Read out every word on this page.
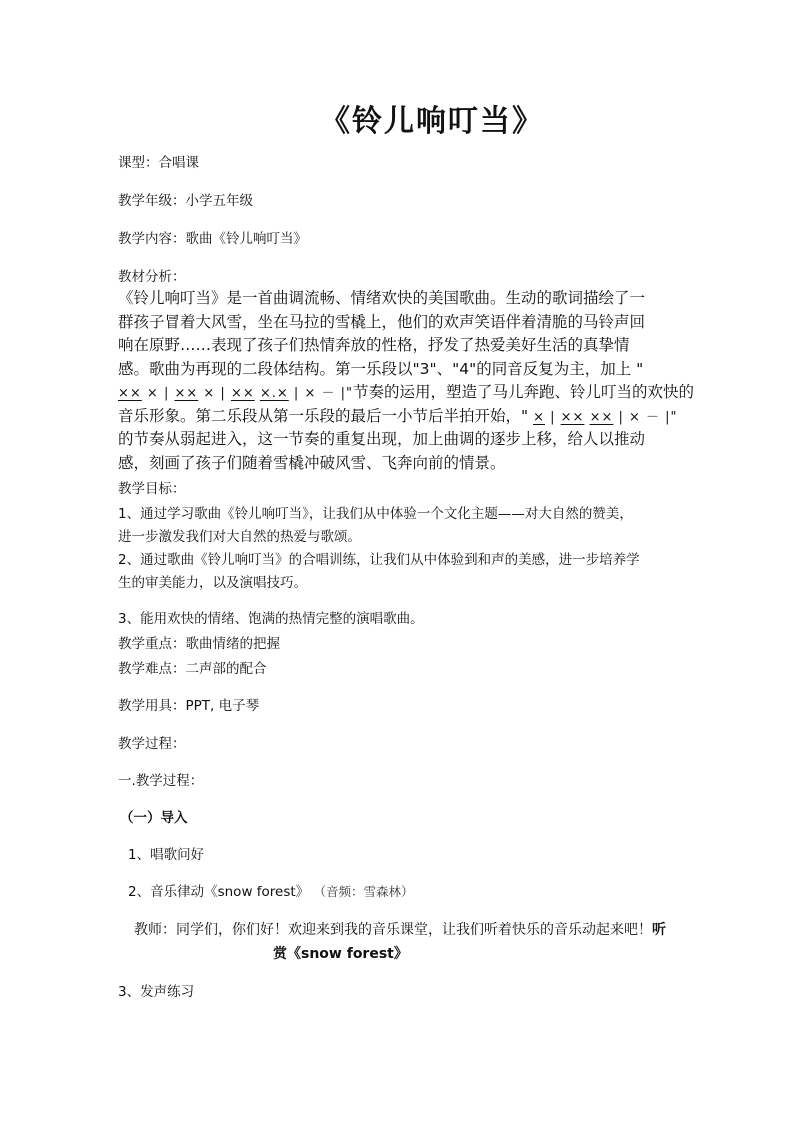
《铃儿响叮当》
课型：合唱课
教学年级：小学五年级
教学内容：歌曲《铃儿响叮当》
教材分析：
《铃儿响叮当》是一首曲调流畅、情绪欢快的美国歌曲。生动的歌词描绘了一
群孩子冒着大风雪，坐在马拉的雪橇上，他们的欢声笑语伴着清脆的马铃声回
响在原野……表现了孩子们热情奔放的性格，抒发了热爱美好生活的真挚情
感。歌曲为再现的二段体结构。第一乐段以"3"、"4"的同音反复为主，加上 "
×× × | ×× × | ×× ×.× | × － |"节奏的运用，塑造了马儿奔跑、铃儿叮当的欢快的
音乐形象。第二乐段从第一乐段的最后一小节后半拍开始，" × | ×× ×× | × － |"
的节奏从弱起进入，这一节奏的重复出现，加上曲调的逐步上移，给人以推动
感，刻画了孩子们随着雪橇冲破风雪、飞奔向前的情景。
教学目标：
1、通过学习歌曲《铃儿响叮当》，让我们从中体验一个文化主题——对大自然的赞美，
进一步激发我们对大自然的热爱与歌颂。
2、通过歌曲《铃儿响叮当》的合唱训练，让我们从中体验到和声的美感，进一步培养学
生的审美能力，以及演唱技巧。
3、能用欢快的情绪、饱满的热情完整的演唱歌曲。
教学重点：歌曲情绪的把握
教学难点：二声部的配合
教学用具：PPT, 电子琴
教学过程：
一.教学过程：
（一）导入
1、唱歌问好
2、音乐律动《snow forest》 （音频：雪森林）
教师：同学们，你们好！欢迎来到我的音乐课堂，让我们听着快乐的音乐动起来吧！听
赏《snow forest》
3、发声练习
